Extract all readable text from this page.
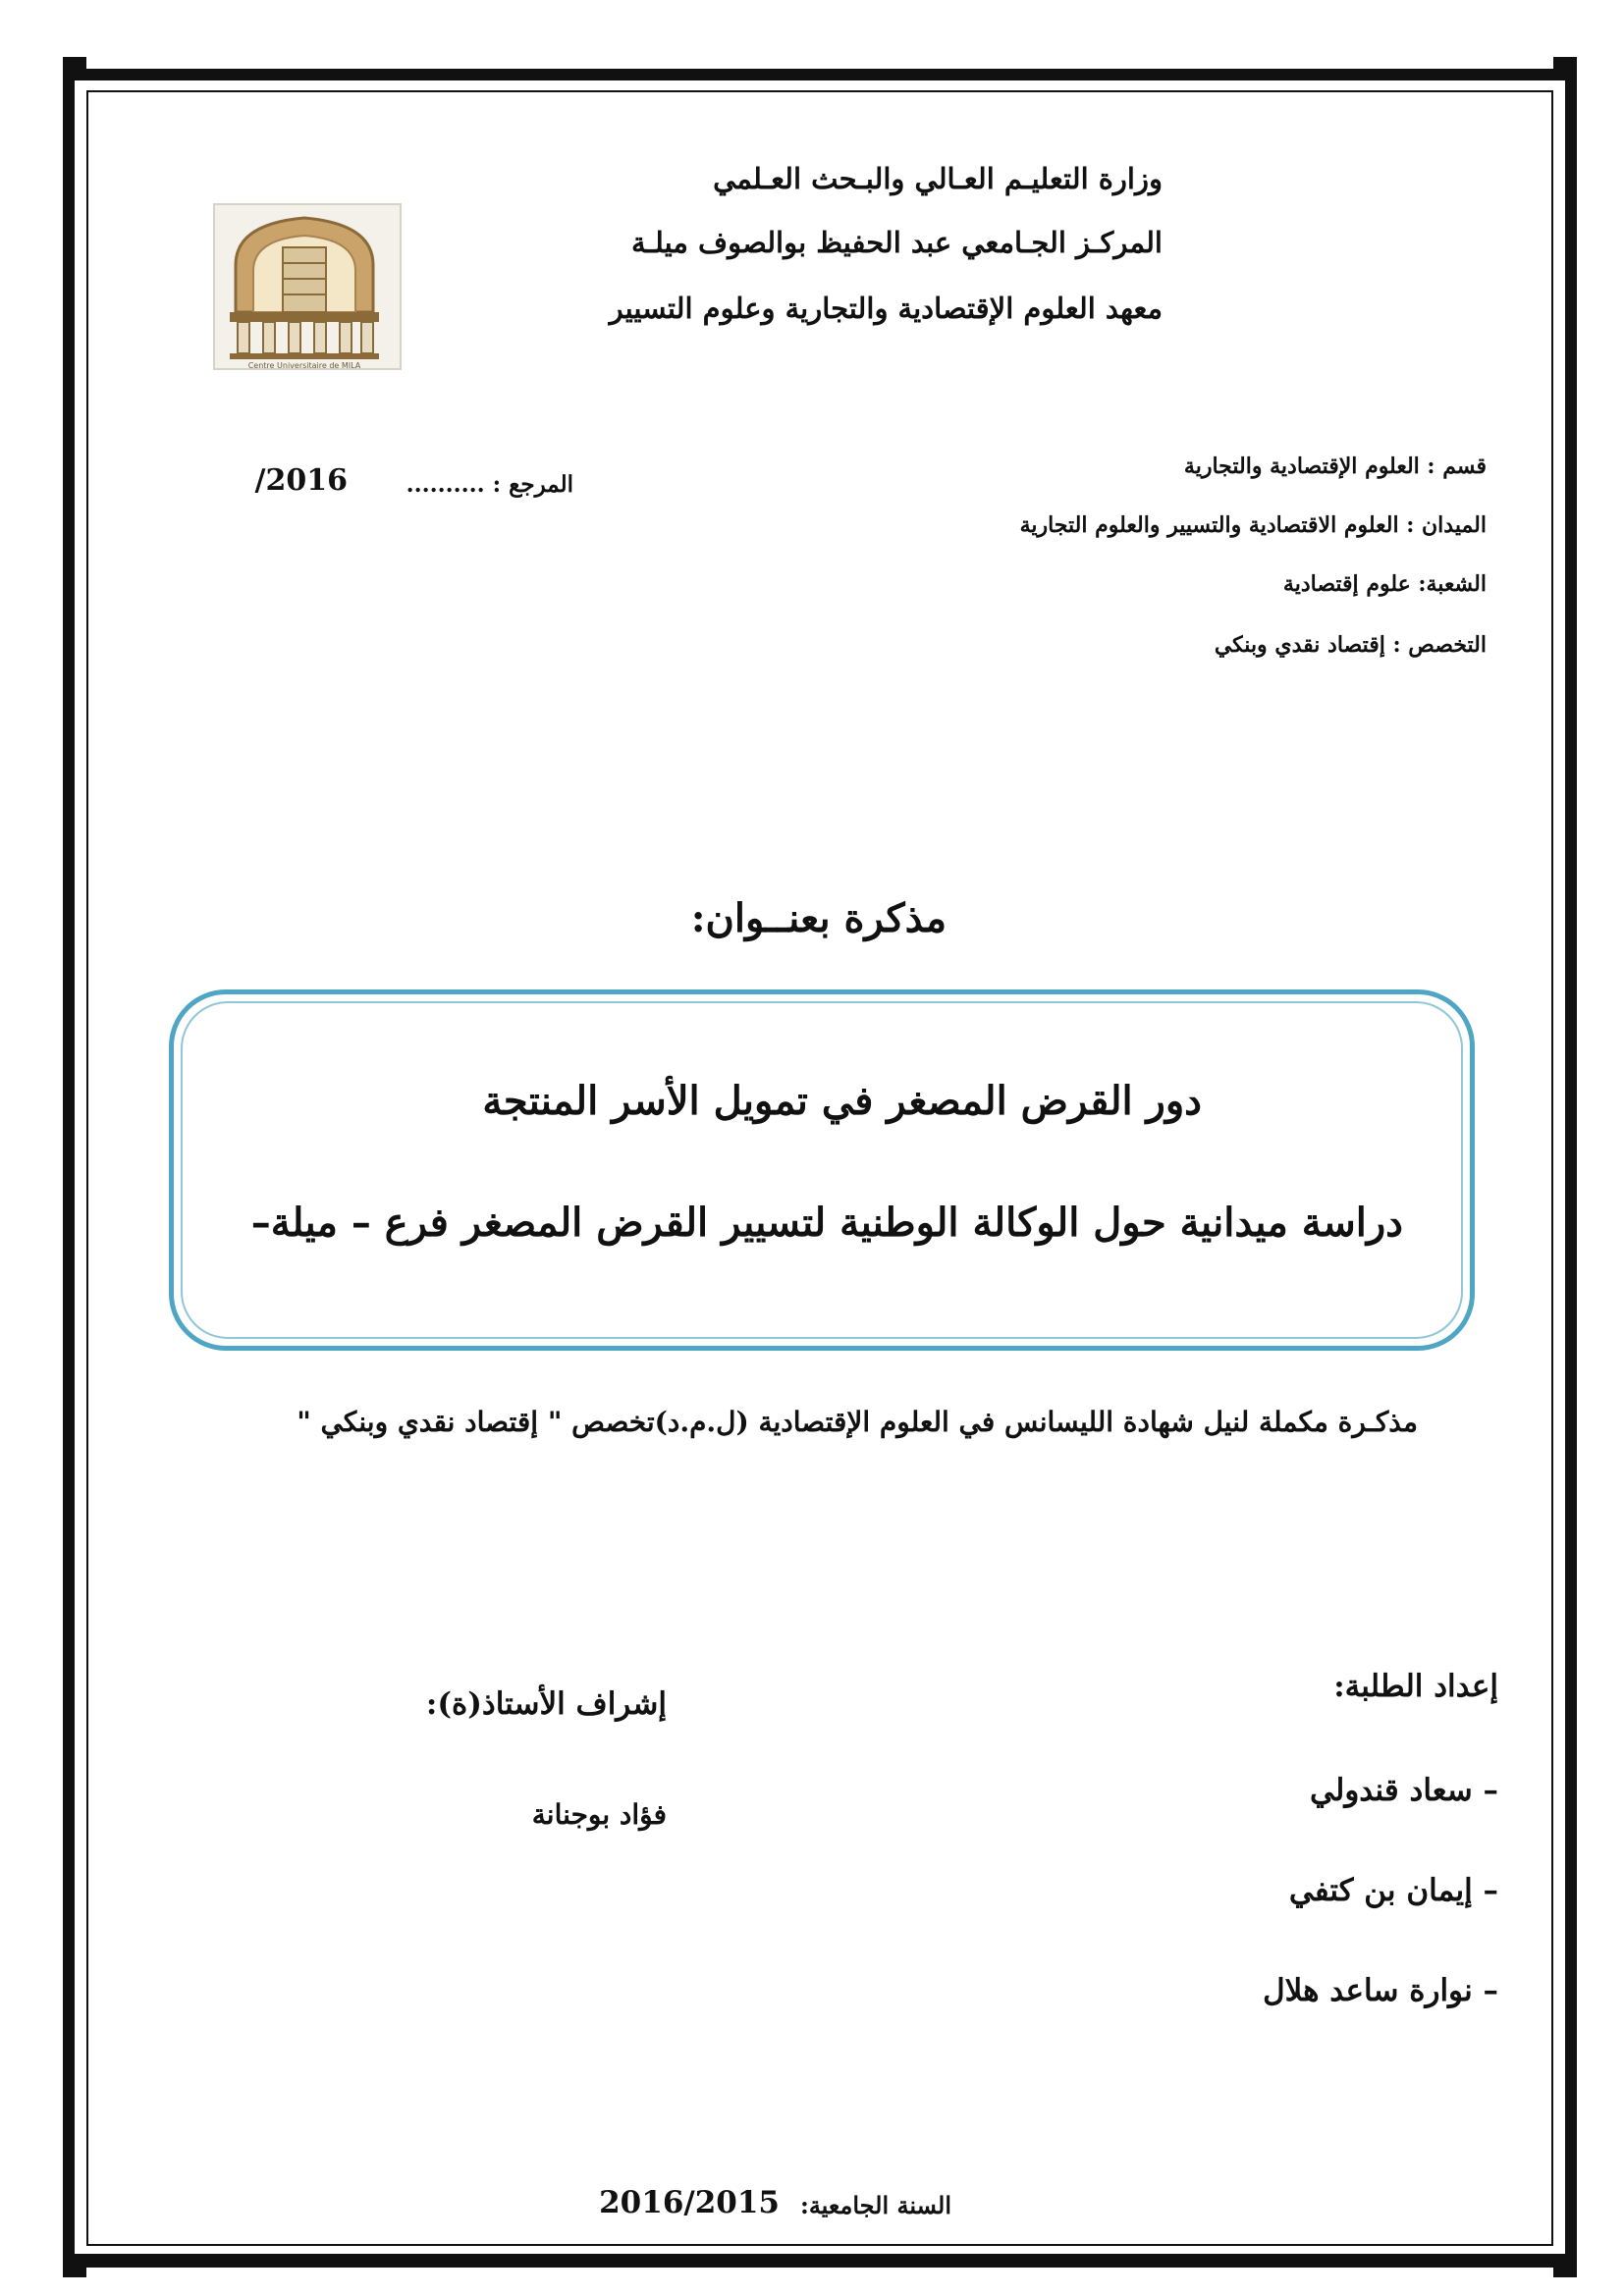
Centre Universitaire de MILA
وزارة التعليـم العـالي والبـحث العـلمي
المركـز الجـامعي عبد الحفيظ بوالصوف ميلـة
معهد العلوم الإقتصادية والتجارية وعلوم التسيير
قسم : العلوم الإقتصادية والتجارية
الميدان : العلوم الاقتصادية والتسيير والعلوم التجارية
الشعبة: علوم إقتصادية
التخصص : إقتصاد نقدي وبنكي
المرجع : ..........
/2016
مذكرة بعنــوان:
دور القرض المصغر في تمويل الأسر المنتجة
دراسة ميدانية حول الوكالة الوطنية لتسيير القرض المصغر فرع – ميلة–
مذكـرة مكملة لنيل شهادة الليسانس في العلوم الإقتصادية (ل.م.د)تخصص " إقتصاد نقدي وبنكي "
إعداد الطلبة:
– سعاد قندولي
– إيمان بن كتفي
– نوارة ساعد هلال
إشراف الأستاذ(ة):
فؤاد بوجنانة
السنة الجامعية:
2016/2015
